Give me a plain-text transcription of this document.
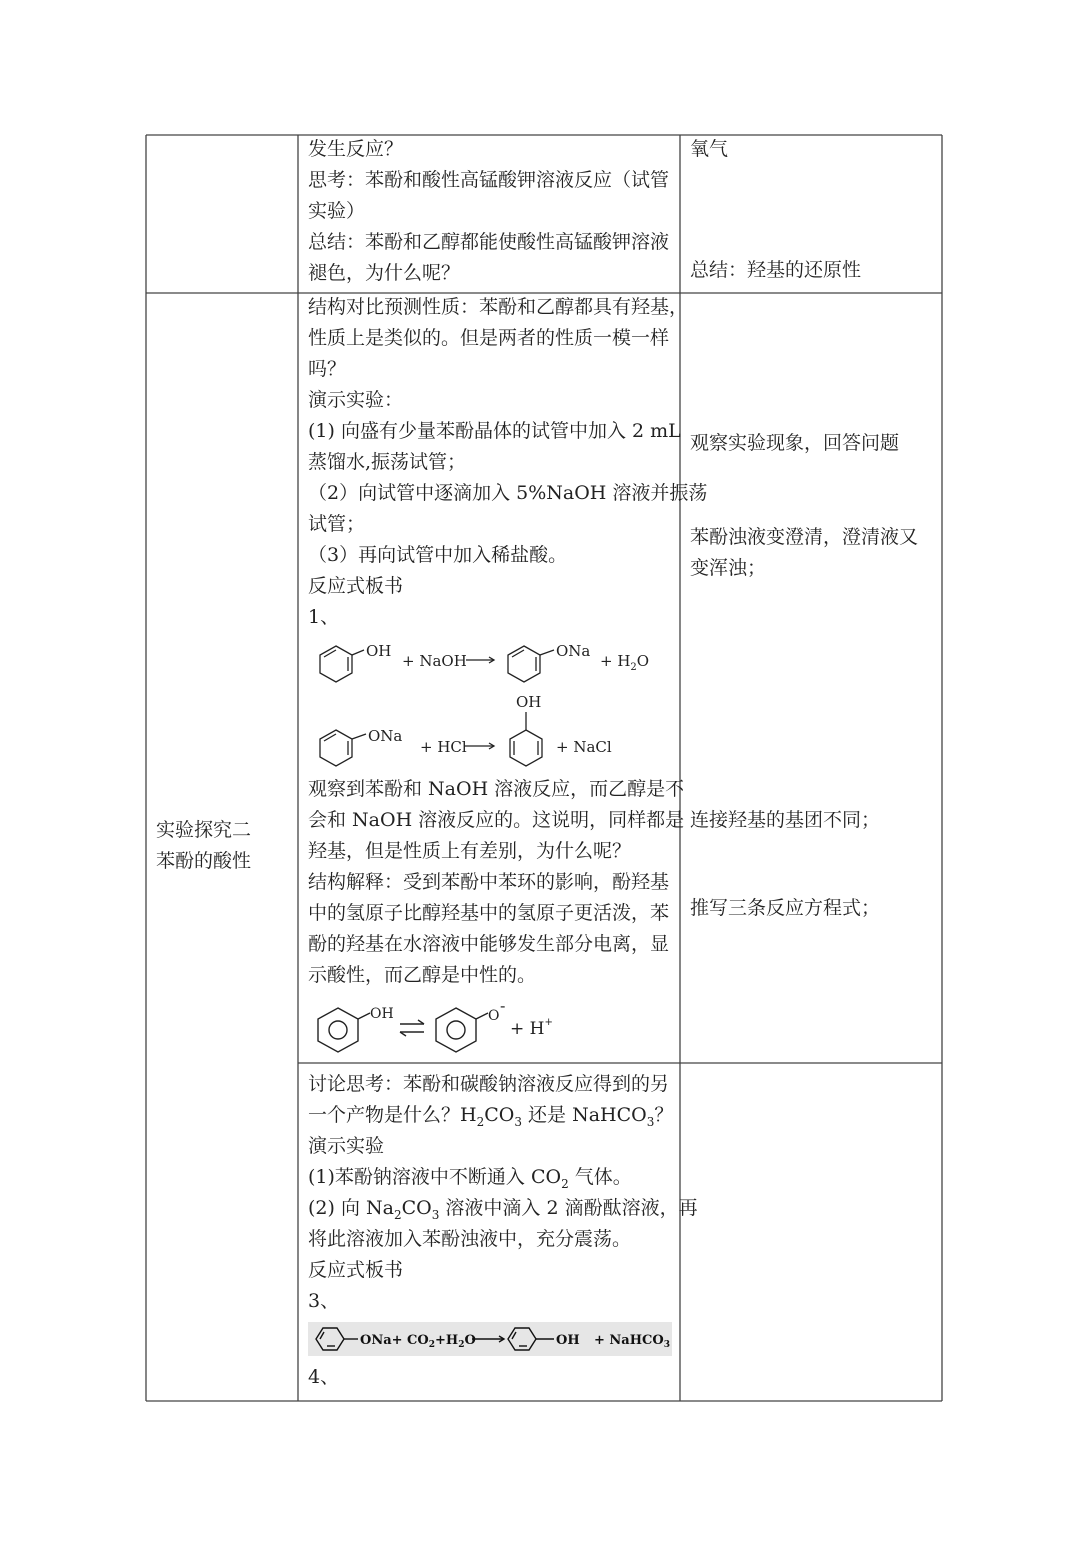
发生反应？
思考：苯酚和酸性高锰酸钾溶液反应（试管
实验）
总结：苯酚和乙醇都能使酸性高锰酸钾溶液
褪色，为什么呢？
氧气
总结：羟基的还原性
实验探究二
苯酚的酸性
结构对比预测性质：苯酚和乙醇都具有羟基，
性质上是类似的。但是两者的性质一模一样
吗？
演示实验：
(1) 向盛有少量苯酚晶体的试管中加入 2 mL
蒸馏水,振荡试管；
（2）向试管中逐滴加入 5%NaOH 溶液并振荡
试管；
（3）再向试管中加入稀盐酸。
反应式板书
1、
OH
+ NaOH
ONa
+ $H_2O$
ONa
+ HCl
OH
+ NaCl
观察到苯酚和 NaOH 溶液反应，而乙醇是不
会和 NaOH 溶液反应的。这说明，同样都是
羟基，但是性质上有差别，为什么呢？
结构解释：受到苯酚中苯环的影响，酚羟基
中的氢原子比醇羟基中的氢原子更活泼，苯
酚的羟基在水溶液中能够发生部分电离，显
示酸性，而乙醇是中性的。
OH	O
-
+ H+
观察实验现象，回答问题
苯酚浊液变澄清，澄清液又
变浑浊；
连接羟基的基团不同；
推写三条反应方程式；
讨论思考：苯酚和碳酸钠溶液反应得到的另
一个产物是什么？$H_2CO_3$ 还是 NaHCO$_3$？
演示实验
(1)苯酚钠溶液中不断通入 $CO_2$ 气体。
(2) 向 $Na_2CO_3$ 溶液中滴入 2 滴酚酞溶液，再
将此溶液加入苯酚浊液中，充分震荡。
反应式板书
3、
$ONa+ CO_2+H_2O$	OH + NaHCO$_3$
4、
